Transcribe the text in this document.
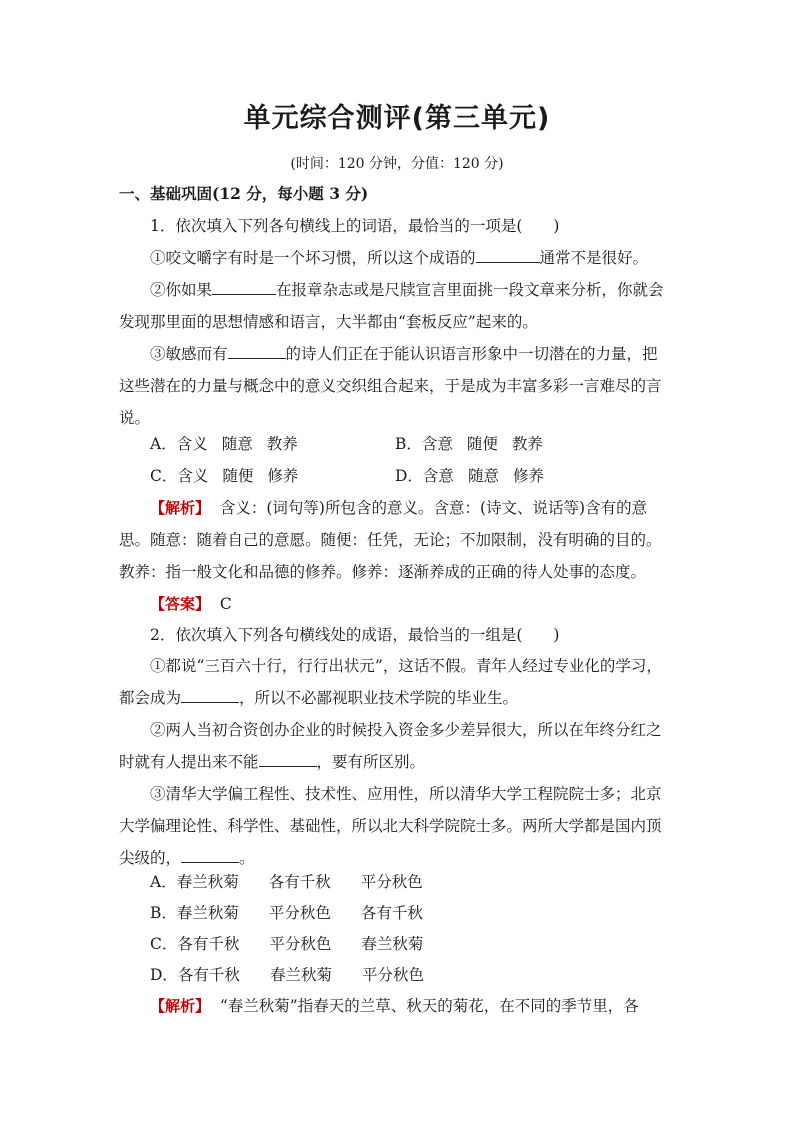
单元综合测评(第三单元)
(时间：120 分钟，分值：120 分)
一、基础巩固(12 分，每小题 3 分)
1．依次填入下列各句横线上的词语，最恰当的一项是(　　)
①咬文嚼字有时是一个坏习惯，所以这个成语的	通常不是很好。
②你如果	在报章杂志或是尺牍宣言里面挑一段文章来分析，你就会
发现那里面的思想情感和语言，大半都由“套板反应”起来的。
③敏感而有	的诗人们正在于能认识语言形象中一切潜在的力量，把
这些潜在的力量与概念中的意义交织组合起来，于是成为丰富多彩一言难尽的言
说。
A．含义 随意 教养	B．含意 随便 教养
C．含义 随便 修养	D．含意 随意 修养
【解析】 含义：(词句等)所包含的意义。含意：(诗文、说话等)含有的意
思。随意：随着自己的意愿。随便：任凭，无论；不加限制，没有明确的目的。
教养：指一般文化和品德的修养。修养：逐渐养成的正确的待人处事的态度。
【答案】 C
2．依次填入下列各句横线处的成语，最恰当的一组是(　　)
①都说“三百六十行，行行出状元”，这话不假。青年人经过专业化的学习，
都会成为	，所以不必鄙视职业技术学院的毕业生。
②两人当初合资创办企业的时候投入资金多少差异很大，所以在年终分红之
时就有人提出来不能	，要有所区别。
③清华大学偏工程性、技术性、应用性，所以清华大学工程院院士多；北京
大学偏理论性、科学性、基础性，所以北大科学院院士多。两所大学都是国内顶
尖级的，	。
A．春兰秋菊 各有千秋 平分秋色
B．春兰秋菊 平分秋色 各有千秋
C．各有千秋 平分秋色 春兰秋菊
D．各有千秋 春兰秋菊 平分秋色
【解析】 “春兰秋菊”指春天的兰草、秋天的菊花，在不同的季节里，各
